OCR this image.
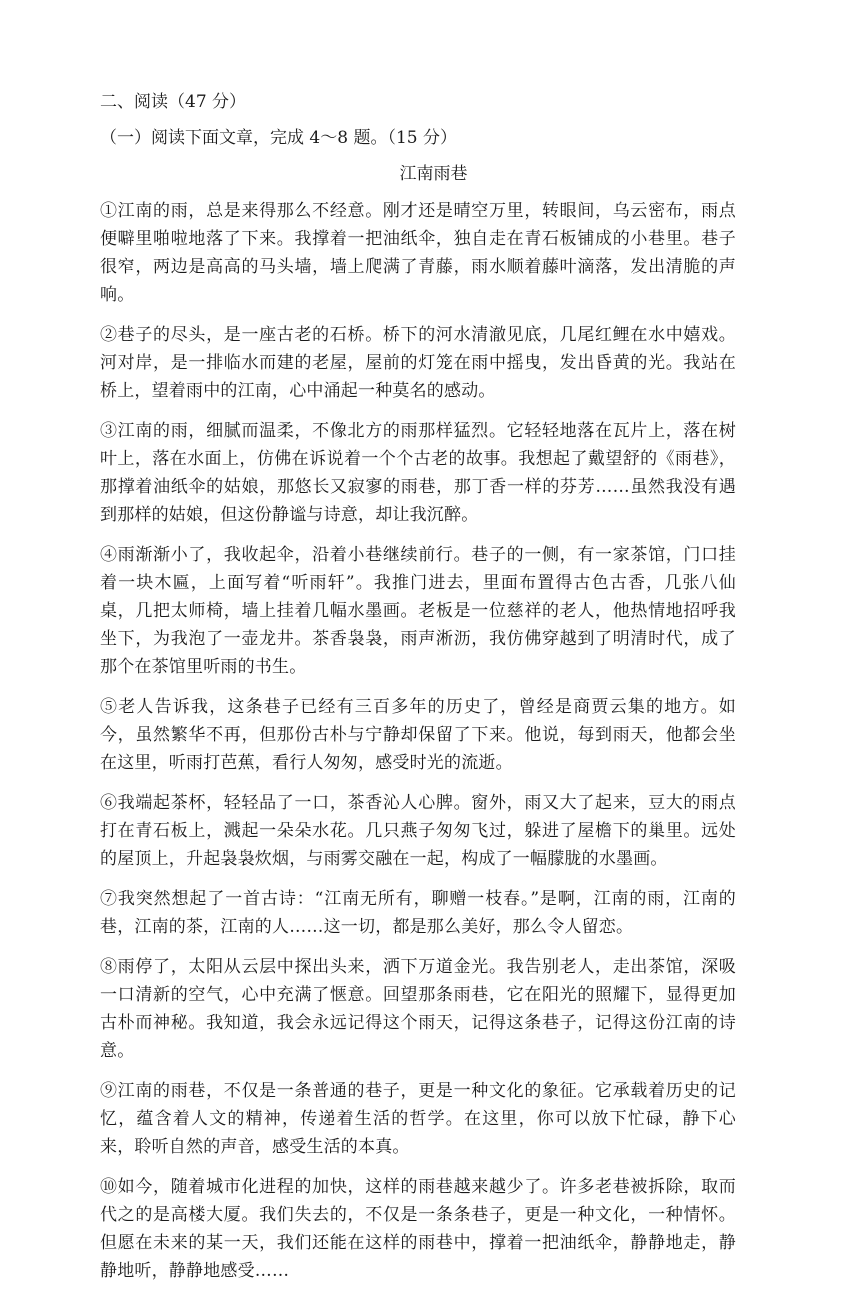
二、阅读（47 分）
（一）阅读下面文章，完成 4～8 题。（15 分）
江南雨巷

①江南的雨，总是来得那么不经意。刚才还是晴空万里，转眼间，乌云密布，雨点便噼里啪啦地落了下来。我撑着一把油纸伞，独自走在青石板铺成的小巷里。巷子很窄，两边是高高的马头墙，墙上爬满了青藤，雨水顺着藤叶滴落，发出清脆的声响。

②巷子的尽头，是一座古老的石桥。桥下的河水清澈见底，几尾红鲤在水中嬉戏。河对岸，是一排临水而建的老屋，屋前的灯笼在雨中摇曳，发出昏黄的光。我站在桥上，望着雨中的江南，心中涌起一种莫名的感动。

③江南的雨，细腻而温柔，不像北方的雨那样猛烈。它轻轻地落在瓦片上，落在树叶上，落在水面上，仿佛在诉说着一个个古老的故事。我想起了戴望舒的《雨巷》，那撑着油纸伞的姑娘，那悠长又寂寥的雨巷，那丁香一样的芬芳……虽然我没有遇到那样的姑娘，但这份静谧与诗意，却让我沉醉。

④雨渐渐小了，我收起伞，沿着小巷继续前行。巷子的一侧，有一家茶馆，门口挂着一块木匾，上面写着“听雨轩”。我推门进去，里面布置得古色古香，几张八仙桌，几把太师椅，墙上挂着几幅水墨画。老板是一位慈祥的老人，他热情地招呼我坐下，为我泡了一壶龙井。茶香袅袅，雨声淅沥，我仿佛穿越到了明清时代，成了那个在茶馆里听雨的书生。

⑤老人告诉我，这条巷子已经有三百多年的历史了，曾经是商贾云集的地方。如今，虽然繁华不再，但那份古朴与宁静却保留了下来。他说，每到雨天，他都会坐在这里，听雨打芭蕉，看行人匆匆，感受时光的流逝。

⑥我端起茶杯，轻轻品了一口，茶香沁人心脾。窗外，雨又大了起来，豆大的雨点打在青石板上，溅起一朵朵水花。几只燕子匆匆飞过，躲进了屋檐下的巢里。远处的屋顶上，升起袅袅炊烟，与雨雾交融在一起，构成了一幅朦胧的水墨画。

⑦我突然想起了一首古诗：“江南无所有，聊赠一枝春。”是啊，江南的雨，江南的巷，江南的茶，江南的人……这一切，都是那么美好，那么令人留恋。

⑧雨停了，太阳从云层中探出头来，洒下万道金光。我告别老人，走出茶馆，深吸一口清新的空气，心中充满了惬意。回望那条雨巷，它在阳光的照耀下，显得更加古朴而神秘。我知道，我会永远记得这个雨天，记得这条巷子，记得这份江南的诗意。

⑨江南的雨巷，不仅是一条普通的巷子，更是一种文化的象征。它承载着历史的记忆，蕴含着人文的精神，传递着生活的哲学。在这里，你可以放下忙碌，静下心来，聆听自然的声音，感受生活的本真。

⑩如今，随着城市化进程的加快，这样的雨巷越来越少了。许多老巷被拆除，取而代之的是高楼大厦。我们失去的，不仅是一条条巷子，更是一种文化，一种情怀。但愿在未来的某一天，我们还能在这样的雨巷中，撑着一把油纸伞，静静地走，静静地听，静静地感受……
